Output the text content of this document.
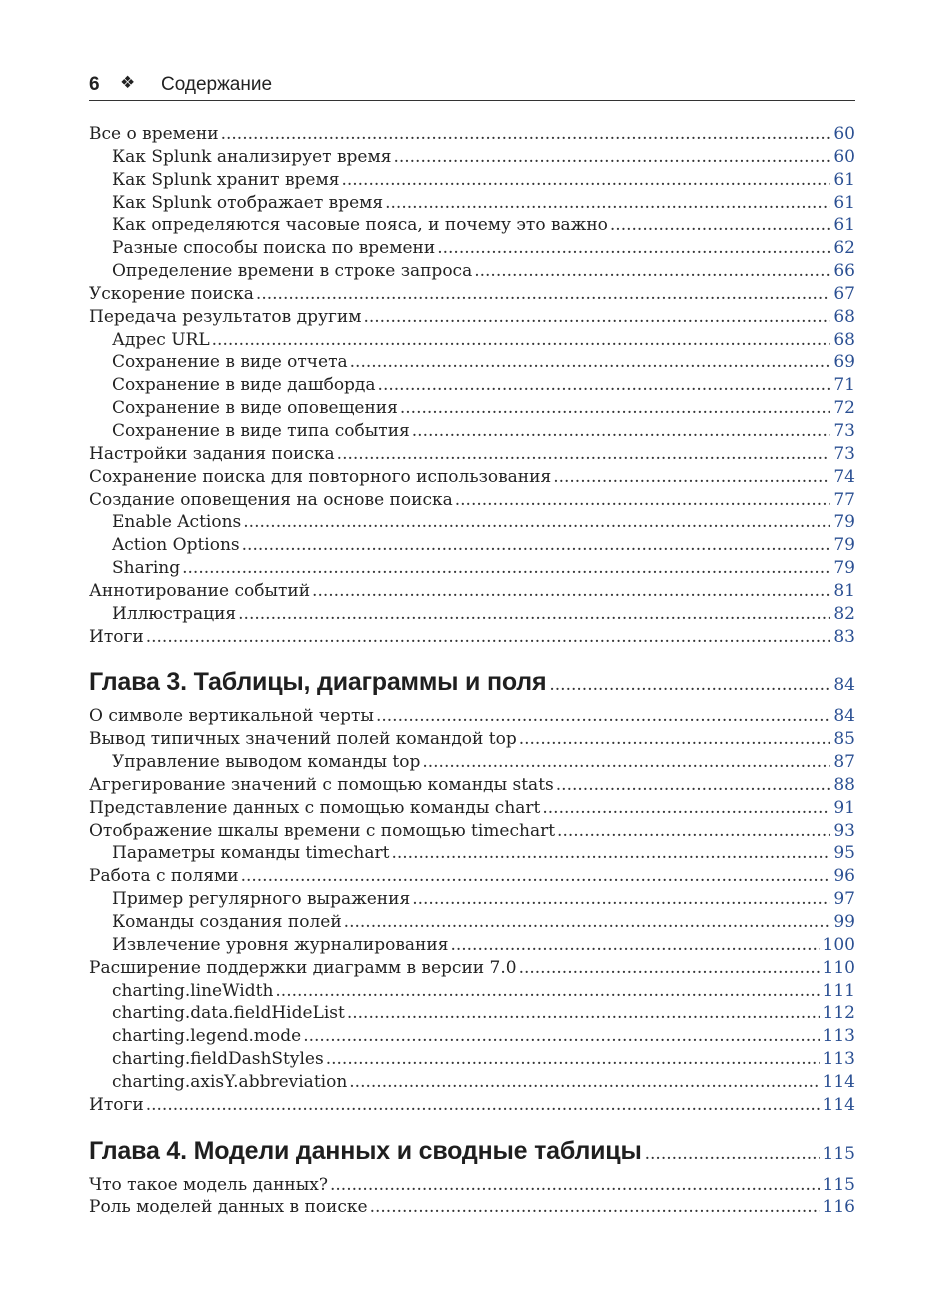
6 ❖ Содержание
Все о времени .....	60
Как Splunk анализирует время .....	60
Как Splunk хранит время .....	61
Как Splunk отображает время .....	61
Как определяются часовые пояса, и почему это важно .....	61
Разные способы поиска по времени .....	62
Определение времени в строке запроса .....	66
Ускорение поиска .....	67
Передача результатов другим .....	68
Адрес URL .....	68
Сохранение в виде отчета .....	69
Сохранение в виде дашборда .....	71
Сохранение в виде оповещения .....	72
Сохранение в виде типа события .....	73
Настройки задания поиска .....	73
Сохранение поиска для повторного использования .....	74
Создание оповещения на основе поиска .....	77
Enable Actions .....	79
Action Options .....	79
Sharing .....	79
Аннотирование событий .....	81
Иллюстрация .....	82
Итоги .....	83
Глава 3. Таблицы, диаграммы и поля .....	84
О символе вертикальной черты .....	84
Вывод типичных значений полей командой top .....	85
Управление выводом команды top .....	87
Агрегирование значений с помощью команды stats .....	88
Представление данных с помощью команды chart .....	91
Отображение шкалы времени с помощью timechart .....	93
Параметры команды timechart .....	95
Работа с полями .....	96
Пример регулярного выражения .....	97
Команды создания полей .....	99
Извлечение уровня журналирования .....	100
Расширение поддержки диаграмм в версии 7.0 .....	110
charting.lineWidth .....	111
charting.data.fieldHideList .....	112
charting.legend.mode .....	113
charting.fieldDashStyles .....	113
charting.axisY.abbreviation .....	114
Итоги .....	114
Глава 4. Модели данных и сводные таблицы .....	115
Что такое модель данных? .....	115
Роль моделей данных в поиске .....	116
